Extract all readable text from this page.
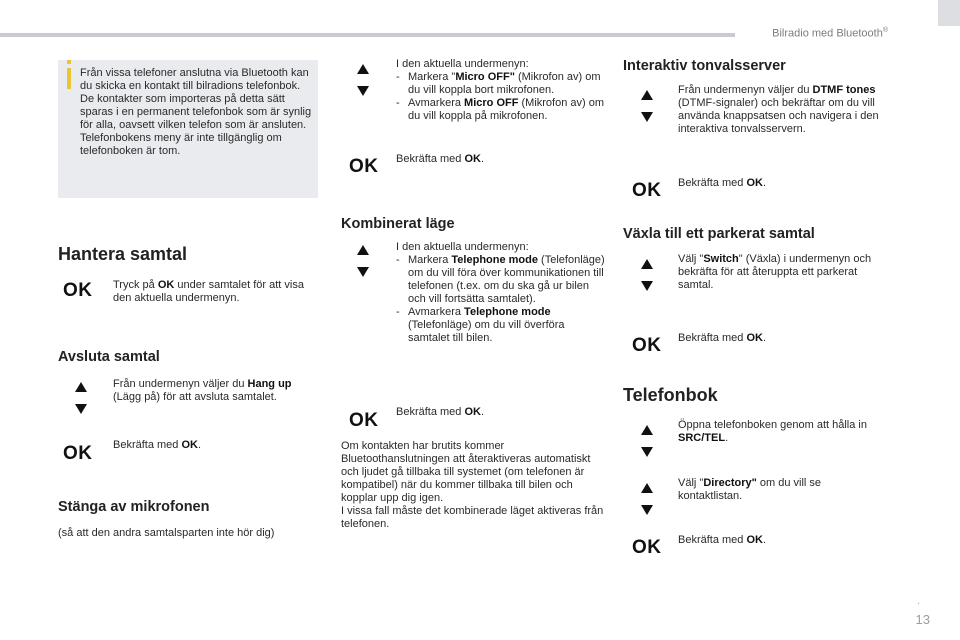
Bilradio med Bluetooth®
Från vissa telefoner anslutna via Bluetooth kan du skicka en kontakt till bilradions telefonbok.
De kontakter som importeras på detta sätt sparas i en permanent telefonbok som är synlig för alla, oavsett vilken telefon som är ansluten.
Telefonbokens meny är inte tillgänglig om telefonboken är tom.
Hantera samtal
OK Tryck på OK under samtalet för att visa den aktuella undermenyn.
Avsluta samtal
Från undermenyn väljer du Hang up (Lägg på) för att avsluta samtalet.
OK Bekräfta med OK.
Stänga av mikrofonen
(så att den andra samtalsparten inte hör dig)
I den aktuella undermenyn:
- Markera "Micro OFF" (Mikrofon av) om du vill koppla bort mikrofonen.
- Avmarkera Micro OFF (Mikrofon av) om du vill koppla på mikrofonen.
OK Bekräfta med OK.
Kombinerat läge
I den aktuella undermenyn:
- Markera Telephone mode (Telefonläge) om du vill föra över kommunikationen till telefonen (t.ex. om du ska gå ur bilen och vill fortsätta samtalet).
- Avmarkera Telephone mode (Telefonläge) om du vill överföra samtalet till bilen.
OK Bekräfta med OK.
Om kontakten har brutits kommer Bluetoothanslutningen att återaktiveras automatiskt och ljudet gå tillbaka till systemet (om telefonen är kompatibel) när du kommer tillbaka till bilen och kopplar upp dig igen.
I vissa fall måste det kombinerade läget aktiveras från telefonen.
Interaktiv tonvalsserver
Från undermenyn väljer du DTMF tones (DTMF-signaler) och bekräftar om du vill använda knappsatsen och navigera i den interaktiva tonvalsservern.
OK Bekräfta med OK.
Växla till ett parkerat samtal
Välj "Switch" (Växla) i undermenyn och bekräfta för att återuppta ett parkerat samtal.
OK Bekräfta med OK.
Telefonbok
Öppna telefonboken genom att hålla in SRC/TEL.
Välj "Directory" om du vill se kontaktlistan.
OK Bekräfta med OK.
.
13
